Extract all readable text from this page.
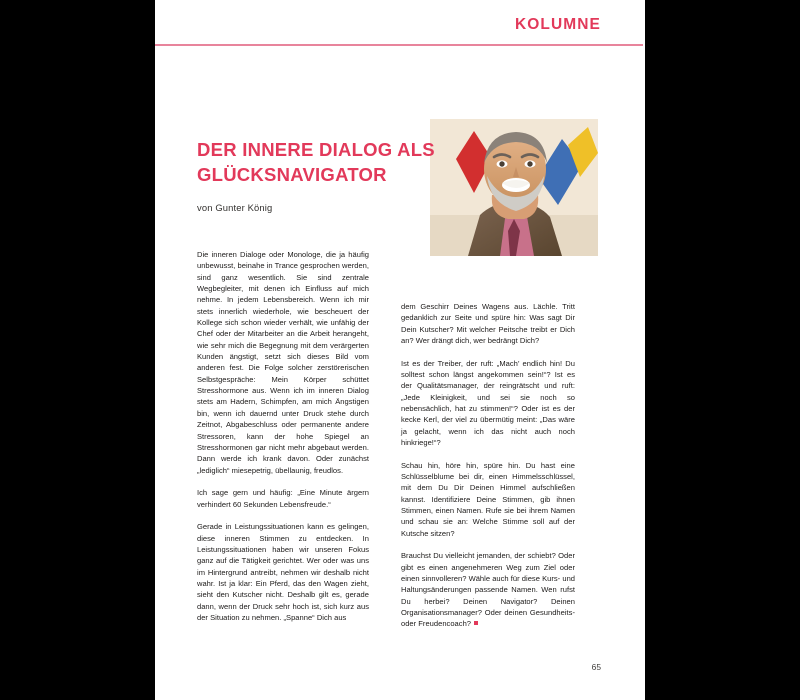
KOLUMNE
DER INNERE DIALOG ALS GLÜCKSNAVIGATOR
von Gunter König

Die inneren Dialoge oder Monologe, die ja häufig unbewusst, beinahe in Trance gesprochen werden, sind ganz wesentlich. Sie sind zentrale Wegbegleiter, mit denen ich Einfluss auf mich nehme. In jedem Lebensbereich. Wenn ich mir stets innerlich wiederhole, wie bescheuert der Kollege sich schon wieder verhält, wie unfähig der Chef oder der Mitarbeiter an die Arbeit herangeht, wie sehr mich die Begegnung mit dem verärgerten Kunden ängstigt, setzt sich dieses Bild vom anderen fest. Die Folge solcher zerstörerischen Selbstgespräche: Mein Körper schüttet Stresshormone aus. Wenn ich im inneren Dialog stets am Hadern, Schimpfen, am mich Ängstigen bin, wenn ich dauernd unter Druck stehe durch Zeitnot, Abgabeschluss oder permanente andere Stressoren, kann der hohe Spiegel an Stresshormonen gar nicht mehr abgebaut werden. Dann werde ich krank davon. Oder zunächst „lediglich“ miesepetrig, übellaunig, freudlos.

Ich sage gern und häufig: „Eine Minute ärgern verhindert 60 Sekunden Lebensfreude.“

Gerade in Leistungssituationen kann es gelingen, diese inneren Stimmen zu entdecken. In Leistungssituationen haben wir unseren Fokus ganz auf die Tätigkeit gerichtet. Wer oder was uns im Hintergrund antreibt, nehmen wir deshalb nicht wahr. Ist ja klar: Ein Pferd, das den Wagen zieht, sieht den Kutscher nicht. Deshalb gilt es, gerade dann, wenn der Druck sehr hoch ist, sich kurz aus der Situation zu nehmen. „Spanne“ Dich aus

dem Geschirr Deines Wagens aus. Lächle. Tritt gedanklich zur Seite und spüre hin: Was sagt Dir Dein Kutscher? Mit welcher Peitsche treibt er Dich an? Wer drängt dich, wer bedrängt Dich?

Ist es der Treiber, der ruft: „Mach’ endlich hin! Du solltest schon längst angekommen sein!“? Ist es der Qualitätsmanager, der reingrätscht und ruft: „Jede Kleinigkeit, und sei sie noch so nebensächlich, hat zu stimmen!“? Oder ist es der kecke Kerl, der viel zu übermütig meint: „Das wäre ja gelacht, wenn ich das nicht auch noch hinkriege!“?

Schau hin, höre hin, spüre hin. Du hast eine Schlüsselblume bei dir, einen Himmelsschlüssel, mit dem Du Dir Deinen Himmel aufschließen kannst. Identifiziere Deine Stimmen, gib ihnen Stimmen, einen Namen. Rufe sie bei ihrem Namen und schau sie an: Welche Stimme soll auf der Kutsche sitzen?

Brauchst Du vielleicht jemanden, der schiebt? Oder gibt es einen angenehmeren Weg zum Ziel oder einen sinnvolleren? Wähle auch für diese Kurs- und Haltungsänderungen passende Namen. Wen rufst Du herbei? Deinen Navigator? Deinen Organisationsmanager? Oder deinen Gesundheits- oder Freudencoach?

65
